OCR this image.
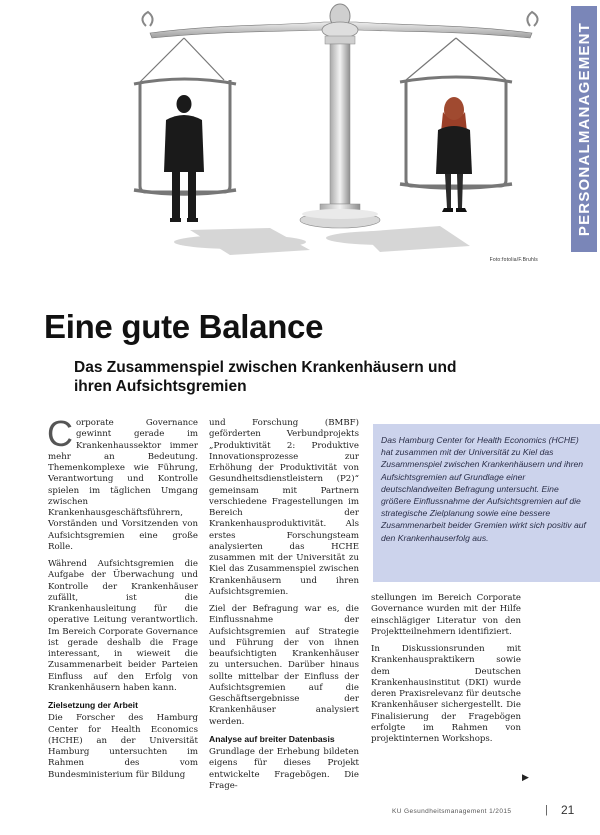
Foto:fotolia/F.Bruhls
PERSONALMANAGEMENT
Eine gute Balance
Das Zusammenspiel zwischen Krankenhäusern und ihren Aufsichtsgremien

Corporate Governance gewinnt gerade im Krankenhaussektor immer mehr an Bedeutung. Themenkomplexe wie Führung, Verantwortung und Kontrolle spielen im täglichen Umgang zwischen Krankenhausgeschäftsführern, Vorständen und Vorsitzenden von Aufsichtsgremien eine große Rolle.

Während Aufsichtsgremien die Aufgabe der Überwachung und Kontrolle der Krankenhäuser zufällt, ist die Krankenhausleitung für die operative Leitung verantwortlich. Im Bereich Corporate Governance ist gerade deshalb die Frage interessant, in wieweit die Zusammenarbeit beider Parteien Einfluss auf den Erfolg von Krankenhäusern haben kann.

Zielsetzung der Arbeit

Die Forscher des Hamburg Center for Health Economics (HCHE) an der Universität Hamburg untersuchten im Rahmen des vom Bundesministerium für Bildung

und Forschung (BMBF) geförderten Verbundprojekts „Produktivität 2: Produktive Innovationsprozesse zur Erhöhung der Produktivität von Gesundheitsdienstleistern (P2)“ gemeinsam mit Partnern verschiedene Fragestellungen im Bereich der Krankenhausproduktivität. Als erstes Forschungsteam analysierten das HCHE zusammen mit der Universität zu Kiel das Zusammenspiel zwischen Krankenhäusern und ihren Aufsichtsgremien.

Ziel der Befragung war es, die Einflussnahme der Aufsichtsgremien auf Strategie und Führung der von ihnen beaufsichtigten Krankenhäuser zu untersuchen. Darüber hinaus sollte mittelbar der Einfluss der Aufsichtsgremien auf die Geschäftsergebnisse der Krankenhäuser analysiert werden.

Analyse auf breiter Datenbasis

Grundlage der Erhebung bildeten eigens für dieses Projekt entwickelte Fragebögen. Die Frage-

Das Hamburg Center for Health Economics (HCHE) hat zusammen mit der Universität zu Kiel das Zusammenspiel zwischen Krankenhäusern und ihren Aufsichtsgremien auf Grundlage einer deutschlandweiten Befragung untersucht. Eine größere Einflussnahme der Aufsichtsgremien auf die strategische Zielplanung sowie eine bessere Zusammenarbeit beider Gremien wirkt sich positiv auf den Krankenhauserfolg aus.

stellungen im Bereich Corporate Governance wurden mit der Hilfe einschlägiger Literatur von den Projektteilnehmern identifiziert.

In Diskussionsrunden mit Krankenhauspraktikern sowie dem Deutschen Krankenhausinstitut (DKI) wurde deren Praxisrelevanz für deutsche Krankenhäuser sichergestellt. Die Finalisierung der Fragebögen erfolgte im Rahmen von projektinternen Workshops.

▶
KU Gesundheitsmanagement 1/2015	| 21
